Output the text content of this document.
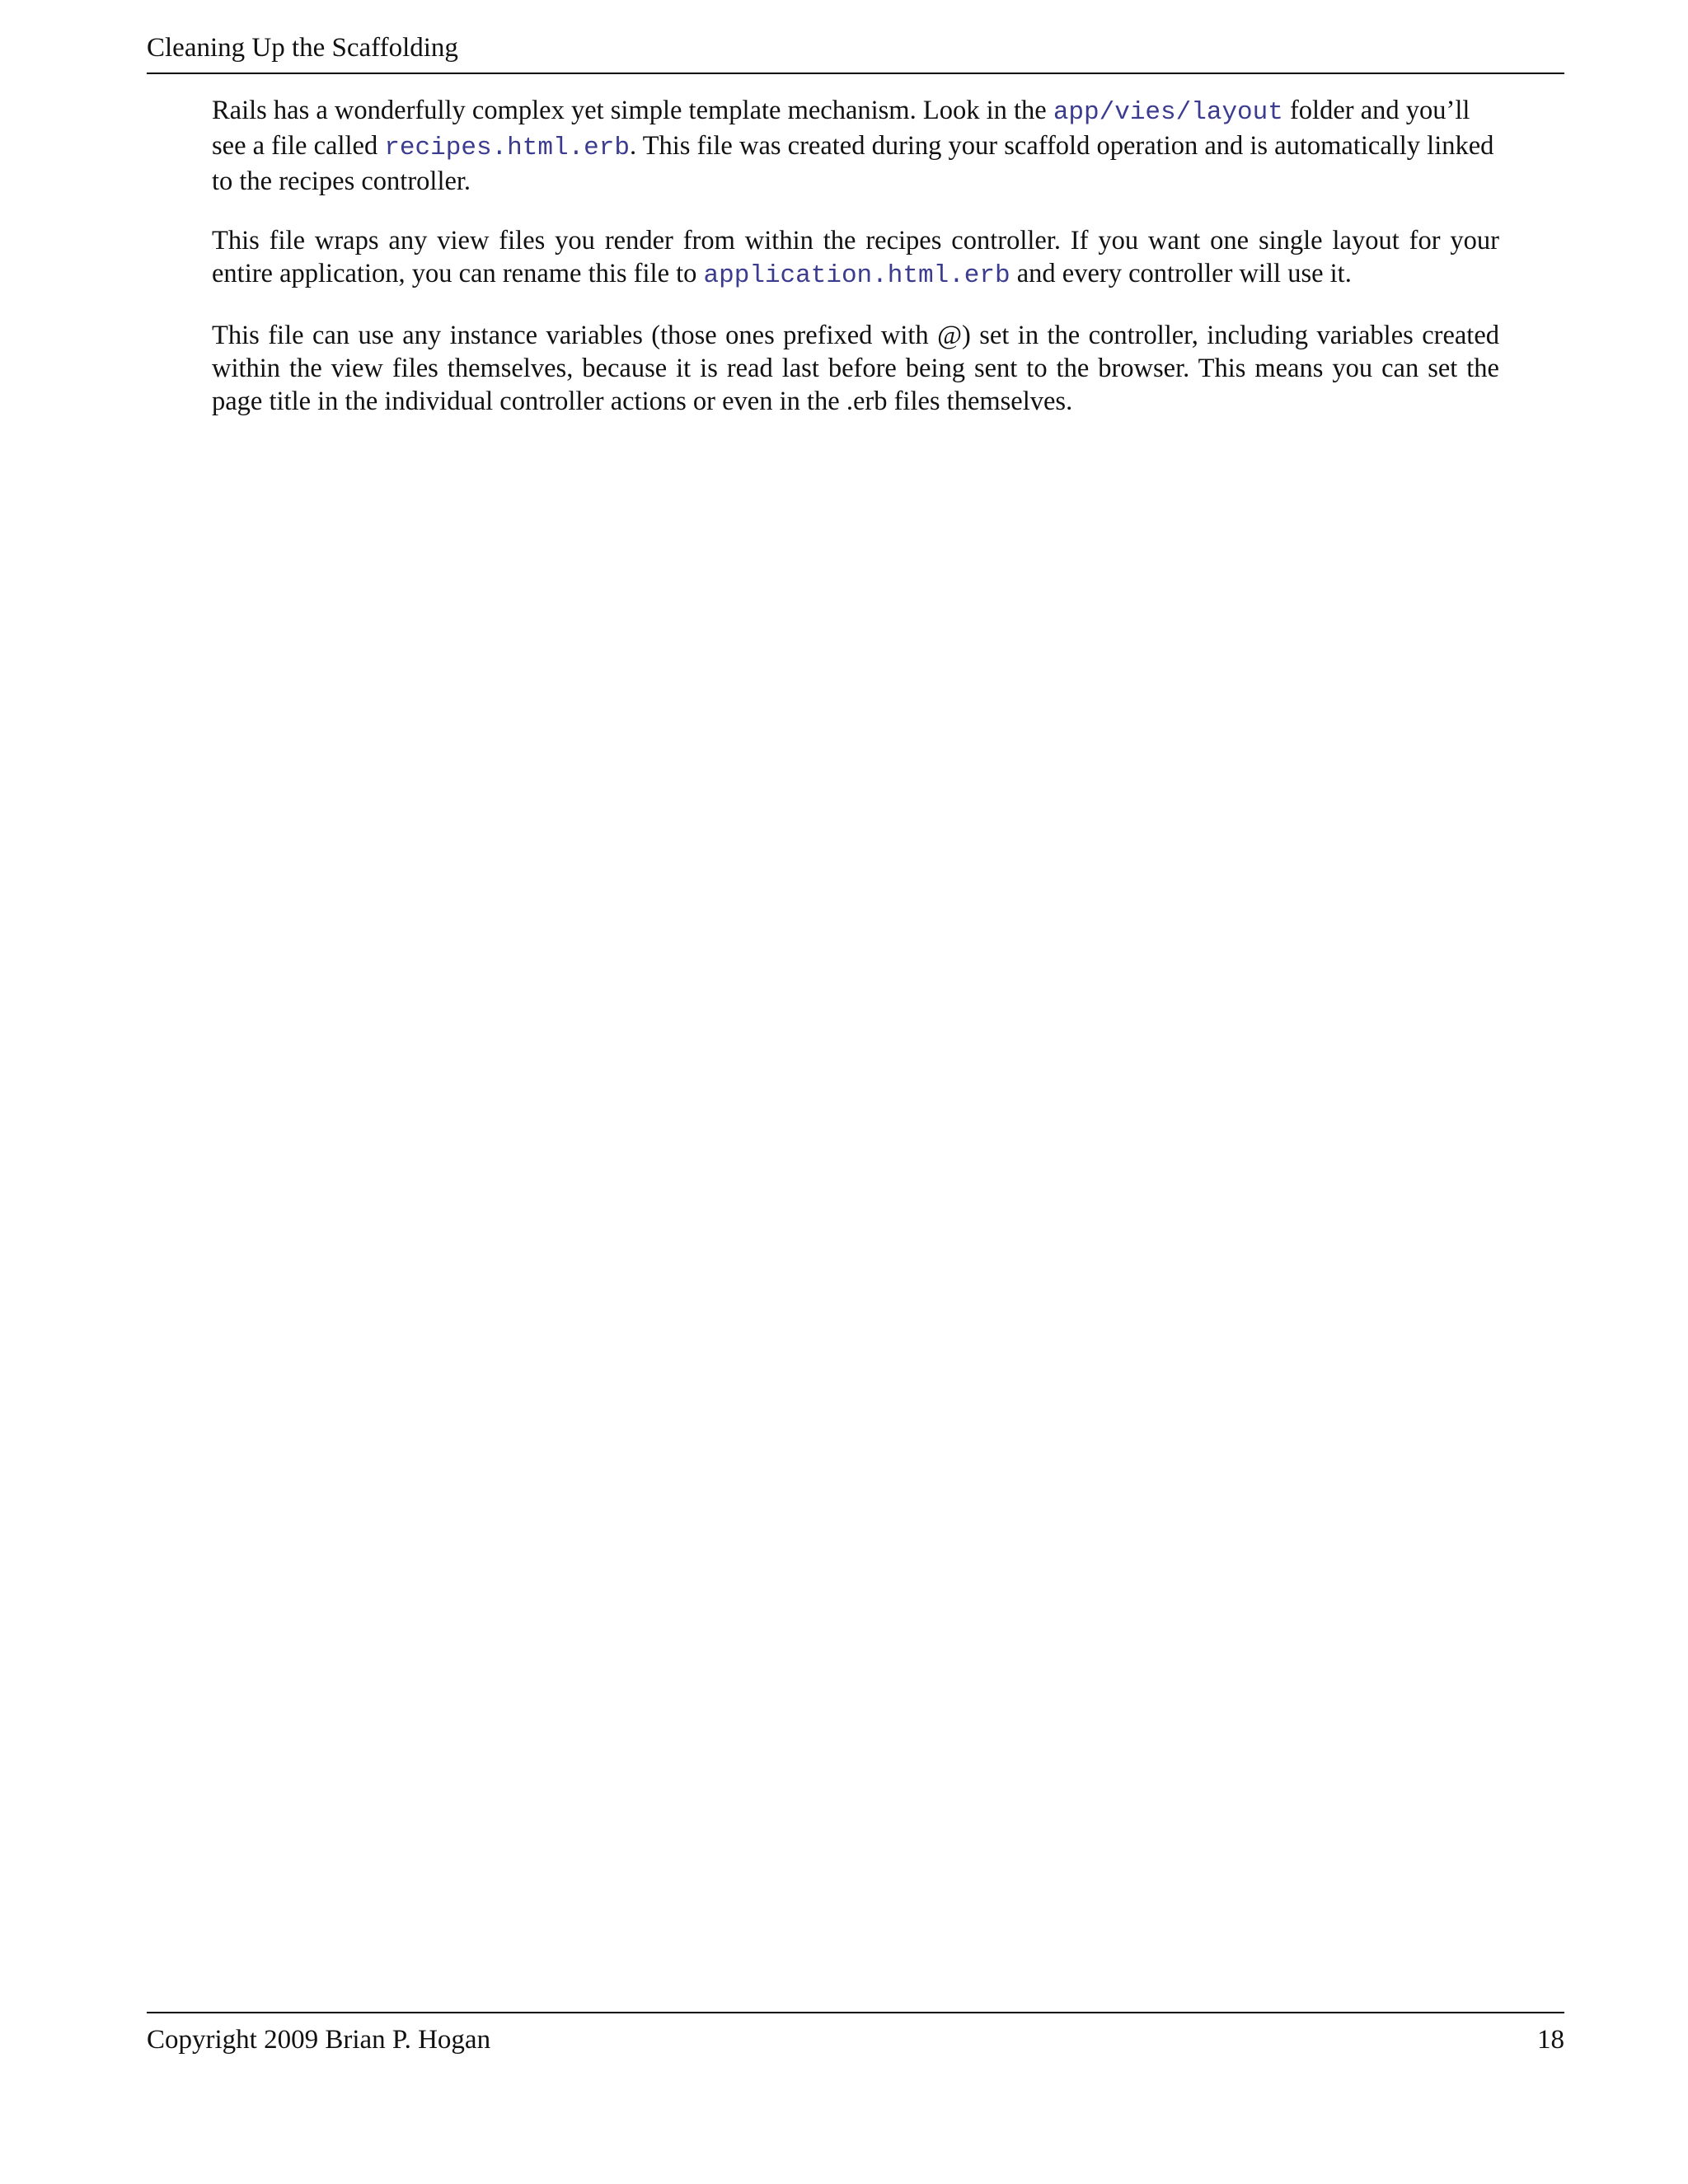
Cleaning Up the Scaffolding

Rails has a wonderfully complex yet simple template mechanism. Look in the app/vies/layout folder and you’ll see a file called recipes.html.erb. This file was created during your scaffold operation and is automatically linked to the recipes controller.

This file wraps any view files you render from within the recipes controller. If you want one single layout for your entire application, you can rename this file to application.html.erb and every controller will use it.

This file can use any instance variables (those ones prefixed with @) set in the controller, including variables created within the view files themselves, because it is read last before being sent to the browser. This means you can set the page title in the individual controller actions or even in the .erb files themselves.

Copyright 2009 Brian P. Hogan	18
